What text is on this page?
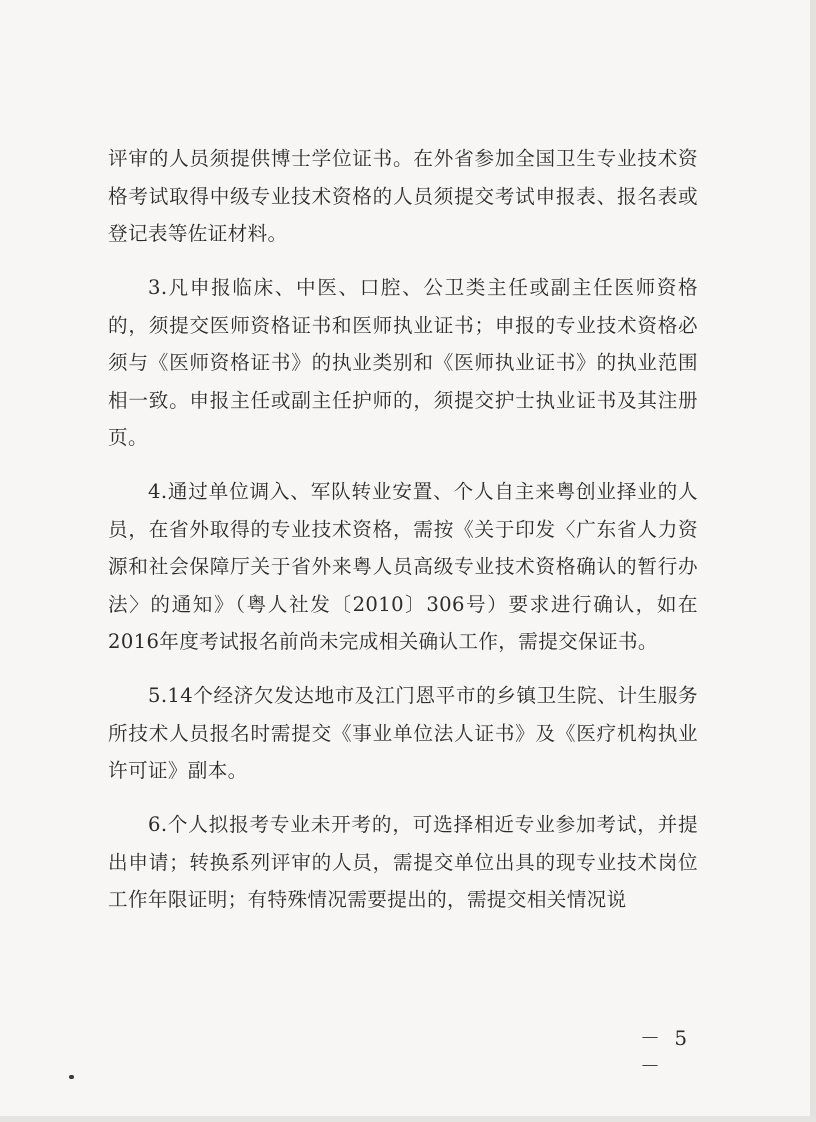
评审的人员须提供博士学位证书。在外省参加全国卫生专业技术资格考试取得中级专业技术资格的人员须提交考试申报表、报名表或登记表等佐证材料。

3.凡申报临床、中医、口腔、公卫类主任或副主任医师资格的，须提交医师资格证书和医师执业证书；申报的专业技术资格必须与《医师资格证书》的执业类别和《医师执业证书》的执业范围相一致。申报主任或副主任护师的，须提交护士执业证书及其注册页。

4.通过单位调入、军队转业安置、个人自主来粤创业择业的人员，在省外取得的专业技术资格，需按《关于印发〈广东省人力资源和社会保障厅关于省外来粤人员高级专业技术资格确认的暂行办法〉的通知》（粤人社发〔2010〕306号）要求进行确认，如在2016年度考试报名前尚未完成相关确认工作，需提交保证书。

5.14个经济欠发达地市及江门恩平市的乡镇卫生院、计生服务所技术人员报名时需提交《事业单位法人证书》及《医疗机构执业许可证》副本。

6.个人拟报考专业未开考的，可选择相近专业参加考试，并提出申请；转换系列评审的人员，需提交单位出具的现专业技术岗位工作年限证明；有特殊情况需要提出的，需提交相关情况说

－ 5 －
